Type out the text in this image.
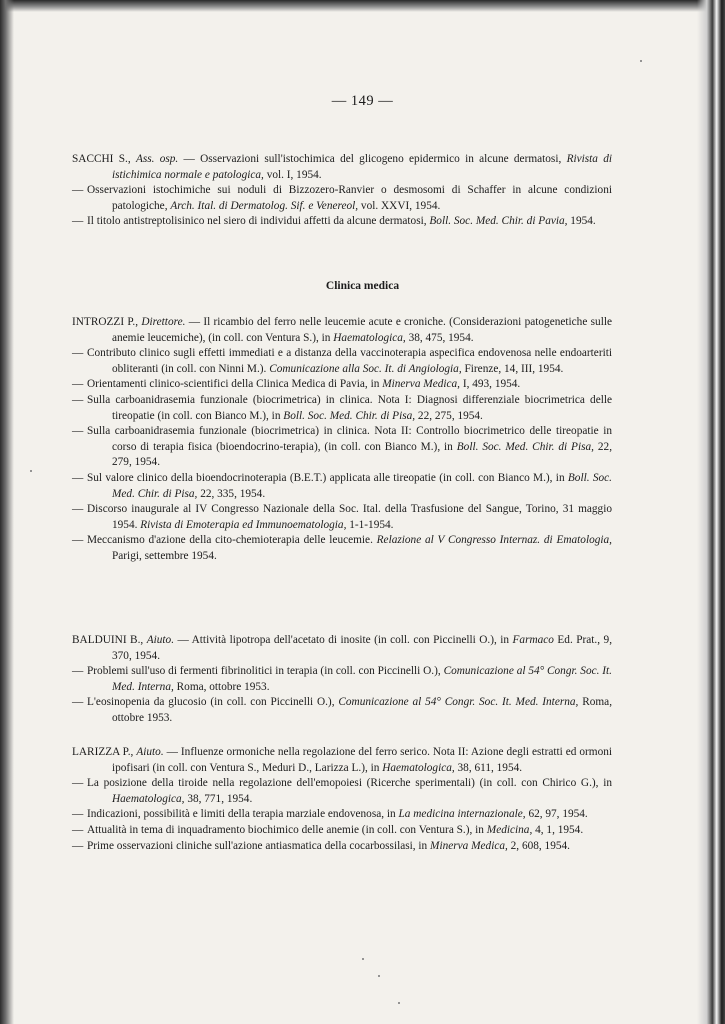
— 149 —
SACCHI S., Ass. osp. — Osservazioni sull'istochimica del glicogeno epidermico in alcune dermatosi, Rivista di istichimica normale e patologica, vol. I, 1954.
— Osservazioni istochimiche sui noduli di Bizzozero-Ranvier o desmosomi di Schaffer in alcune condizioni patologiche, Arch. Ital. di Dermatolog. Sif. e Venereol, vol. XXVI, 1954.
— Il titolo antistreptolisinico nel siero di individui affetti da alcune dermatosi, Boll. Soc. Med. Chir. di Pavia, 1954.
Clinica medica
INTROZZI P., Direttore. — Il ricambio del ferro nelle leucemie acute e croniche. (Considerazioni patogenetiche sulle anemie leucemiche), (in coll. con Ventura S.), in Haematologica, 38, 475, 1954.
— Contributo clinico sugli effetti immediati e a distanza della vaccinoterapia aspecifica endovenosa nelle endoarteriti obliteranti (in coll. con Ninni M.). Comunicazione alla Soc. It. di Angiologia, Firenze, 14, III, 1954.
— Orientamenti clinico-scientifici della Clinica Medica di Pavia, in Minerva Medica, I, 493, 1954.
— Sulla carboanidrasemia funzionale (biocrimetrica) in clinica. Nota I: Diagnosi differenziale biocrimetrica delle tireopatie (in coll. con Bianco M.), in Boll. Soc. Med. Chir. di Pisa, 22, 275, 1954.
— Sulla carboanidrasemia funzionale (biocrimetrica) in clinica. Nota II: Controllo biocrimetrico delle tireopatie in corso di terapia fisica (bioendocrino-terapia), (in coll. con Bianco M.), in Boll. Soc. Med. Chir. di Pisa, 22, 279, 1954.
— Sul valore clinico della bioendocrinoterapia (B.E.T.) applicata alle tireopatie (in coll. con Bianco M.), in Boll. Soc. Med. Chir. di Pisa, 22, 335, 1954.
— Discorso inaugurale al IV Congresso Nazionale della Soc. Ital. della Trasfusione del Sangue, Torino, 31 maggio 1954. Rivista di Emoterapia ed Immunoematologia, 1-1-1954.
— Meccanismo d'azione della cito-chemioterapia delle leucemie. Relazione al V Congresso Internaz. di Ematologia, Parigi, settembre 1954.
BALDUINI B., Aiuto. — Attività lipotropa dell'acetato di inosite (in coll. con Piccinelli O.), in Farmaco Ed. Prat., 9, 370, 1954.
— Problemi sull'uso di fermenti fibrinolitici in terapia (in coll. con Piccinelli O.), Comunicazione al 54° Congr. Soc. It. Med. Interna, Roma, ottobre 1953.
— L'eosinopenia da glucosio (in coll. con Piccinelli O.), Comunicazione al 54° Congr. Soc. It. Med. Interna, Roma, ottobre 1953.
LARIZZA P., Aiuto. — Influenze ormoniche nella regolazione del ferro serico. Nota II: Azione degli estratti ed ormoni ipofisari (in coll. con Ventura S., Meduri D., Larizza L.), in Haematologica, 38, 611, 1954.
— La posizione della tiroide nella regolazione dell'emopoiesi (Ricerche sperimentali) (in coll. con Chirico G.), in Haematologica, 38, 771, 1954.
— Indicazioni, possibilità e limiti della terapia marziale endovenosa, in La medicina internazionale, 62, 97, 1954.
— Attualità in tema di inquadramento biochimico delle anemie (in coll. con Ventura S.), in Medicina, 4, 1, 1954.
— Prime osservazioni cliniche sull'azione antiasmatica della cocarbossilasi, in Minerva Medica, 2, 608, 1954.
